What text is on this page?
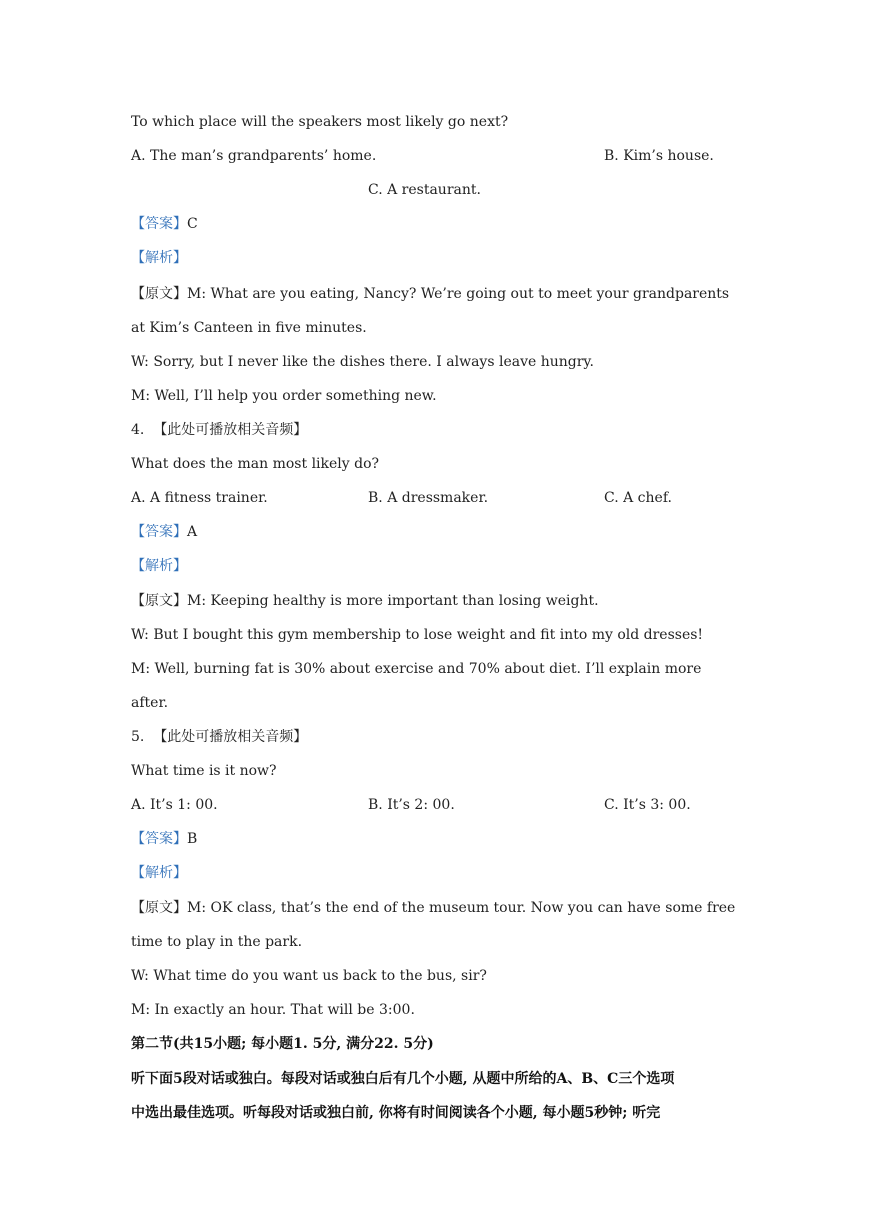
To which place will the speakers most likely go next?
A. The man’s grandparents’ home.	B. Kim’s house.
C. A restaurant.
【答案】C
【解析】
【原文】M: What are you eating, Nancy? We’re going out to meet your grandparents
at Kim’s Canteen in five minutes.
W: Sorry, but I never like the dishes there. I always leave hungry.
M: Well, I’ll help you order something new.
4. 【此处可播放相关音频】
What does the man most likely do?
A. A fitness trainer.	B. A dressmaker.	C. A chef.
【答案】A
【解析】
【原文】M: Keeping healthy is more important than losing weight.
W: But I bought this gym membership to lose weight and fit into my old dresses!
M: Well, burning fat is 30% about exercise and 70% about diet. I’ll explain more
after.
5. 【此处可播放相关音频】
What time is it now?
A. It’s 1: 00.	B. It’s 2: 00.	C. It’s 3: 00.
【答案】B
【解析】
【原文】M: OK class, that’s the end of the museum tour. Now you can have some free
time to play in the park.
W: What time do you want us back to the bus, sir?
M: In exactly an hour. That will be 3:00.
第二节(共15小题; 每小题1. 5分, 满分22. 5分)
听下面5段对话或独白。每段对话或独白后有几个小题, 从题中所给的A、B、C三个选项
中选出最佳选项。听每段对话或独白前, 你将有时间阅读各个小题, 每小题5秒钟; 听完
